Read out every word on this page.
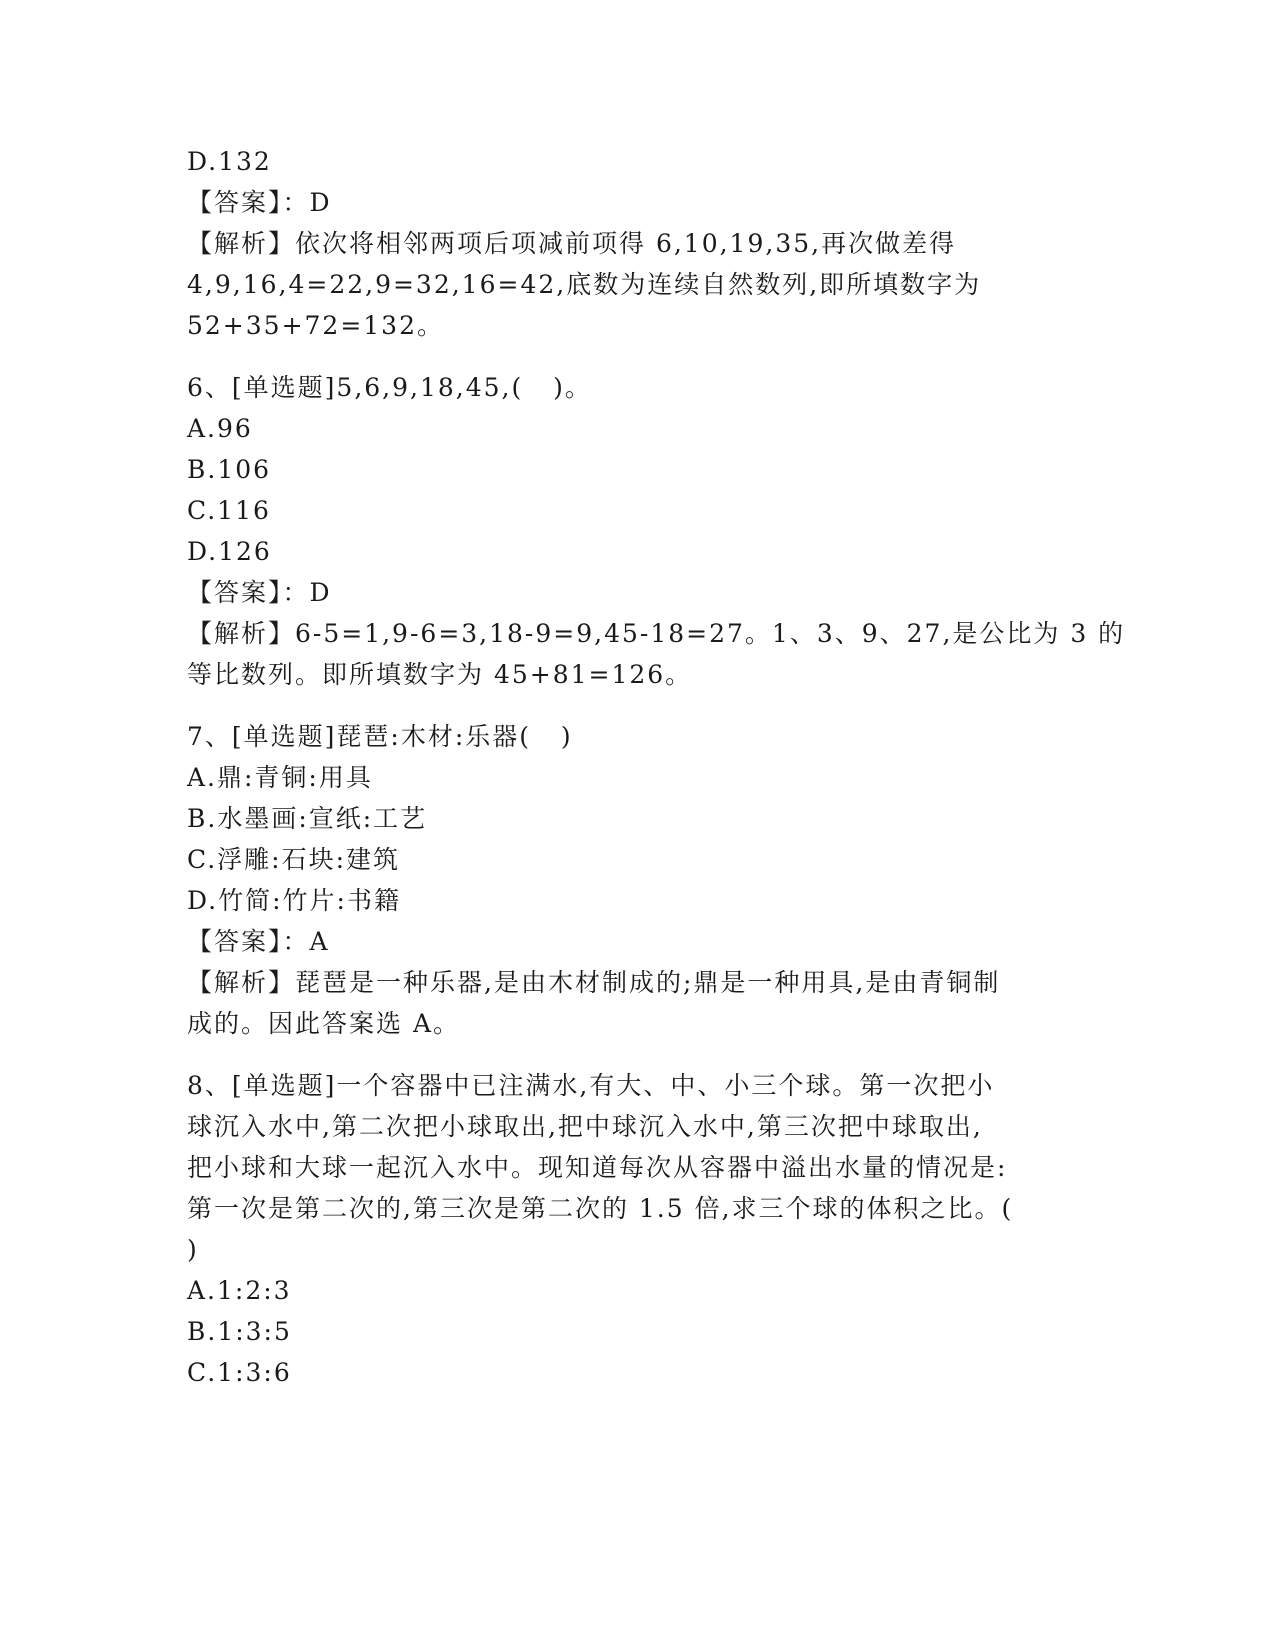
D.132
【答案】：D
【解析】依次将相邻两项后项减前项得 6,10,19,35,再次做差得
4,9,16,4=22,9=32,16=42,底数为连续自然数列,即所填数字为
52+35+72=132。
6、[单选题]5,6,9,18,45,(   )。
A.96
B.106
C.116
D.126
【答案】：D
【解析】6-5=1,9-6=3,18-9=9,45-18=27。1、3、9、27,是公比为 3 的
等比数列。即所填数字为 45+81=126。
7、[单选题]琵琶:木材:乐器(   )
A.鼎:青铜:用具
B.水墨画:宣纸:工艺
C.浮雕:石块:建筑
D.竹简:竹片:书籍
【答案】：A
【解析】琵琶是一种乐器,是由木材制成的;鼎是一种用具,是由青铜制
成的。因此答案选 A。
8、[单选题]一个容器中已注满水,有大、中、小三个球。第一次把小
球沉入水中,第二次把小球取出,把中球沉入水中,第三次把中球取出,
把小球和大球一起沉入水中。现知道每次从容器中溢出水量的情况是:
第一次是第二次的,第三次是第二次的 1.5 倍,求三个球的体积之比。(
)
A.1:2:3
B.1:3:5
C.1:3:6
